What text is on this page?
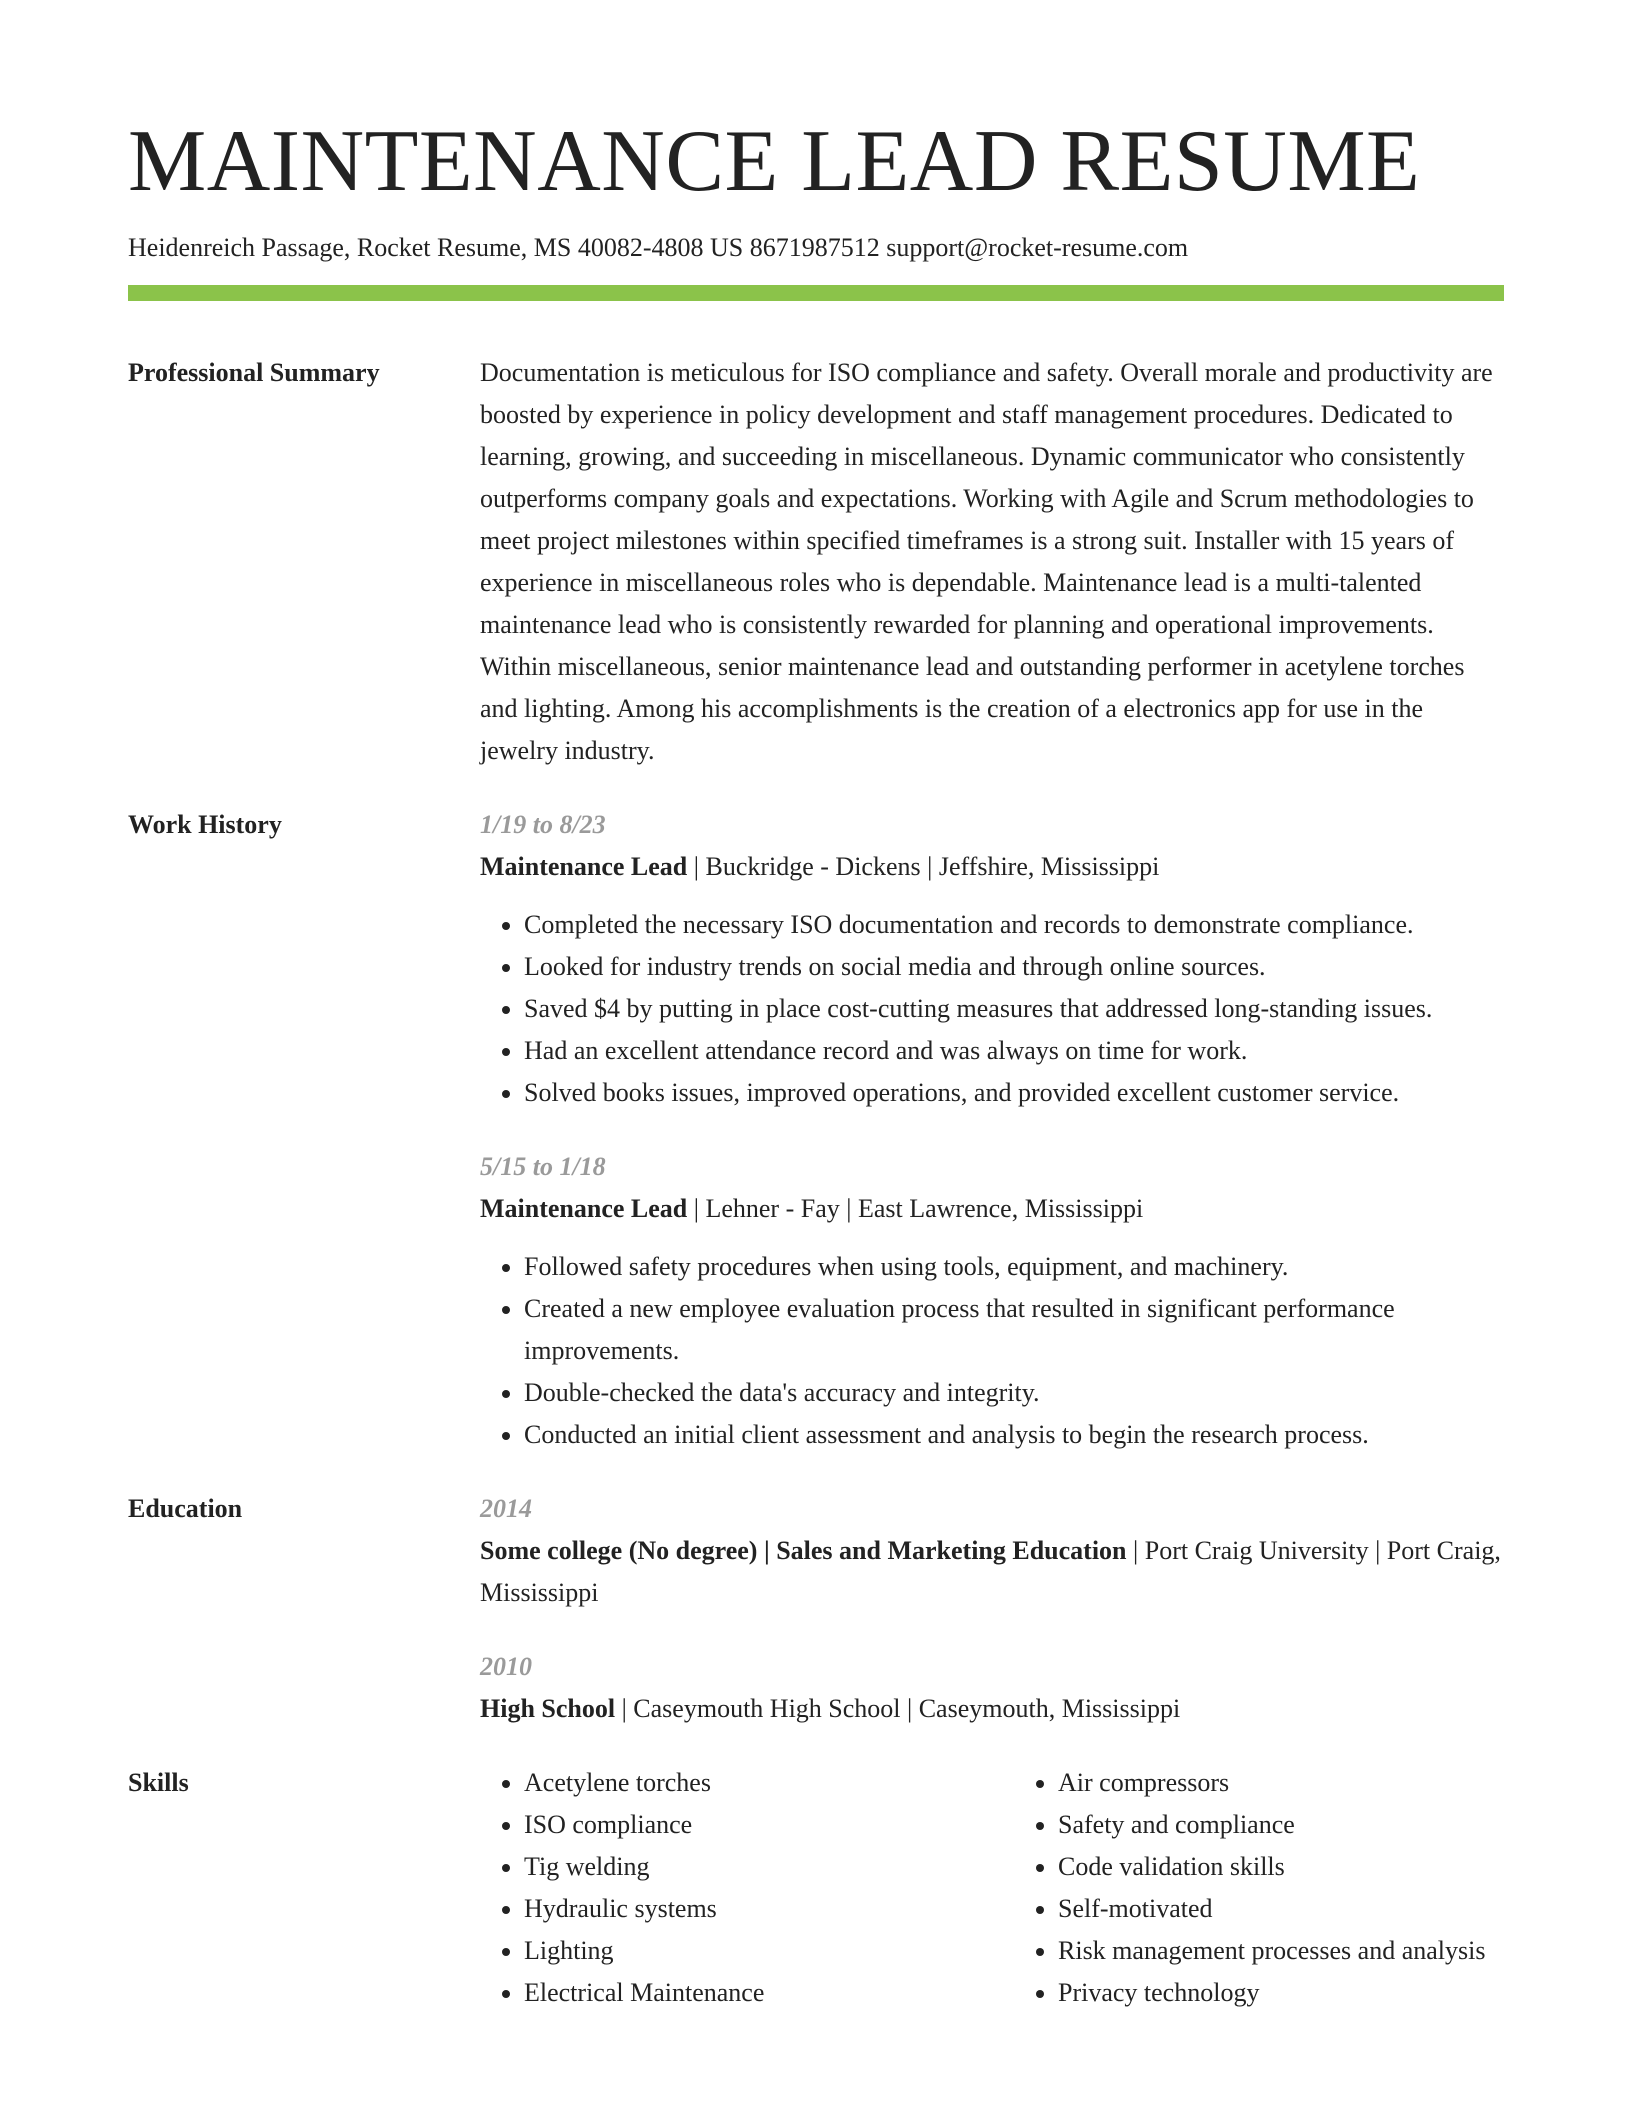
MAINTENANCE LEAD RESUME

Heidenreich Passage, Rocket Resume, MS 40082-4808 US 8671987512 support@rocket-resume.com

Professional Summary	Documentation is meticulous for ISO compliance and safety. Overall morale and productivity are boosted by experience in policy development and staff management procedures. Dedicated to learning, growing, and succeeding in miscellaneous. Dynamic communicator who consistently outperforms company goals and expectations. Working with Agile and Scrum methodologies to meet project milestones within specified timeframes is a strong suit. Installer with 15 years of experience in miscellaneous roles who is dependable. Maintenance lead is a multi-talented maintenance lead who is consistently rewarded for planning and operational improvements. Within miscellaneous, senior maintenance lead and outstanding performer in acetylene torches and lighting. Among his accomplishments is the creation of a electronics app for use in the jewelry industry.

Work History	1/19 to 8/23
Maintenance Lead | Buckridge - Dickens | Jeffshire, Mississippi
• Completed the necessary ISO documentation and records to demonstrate compliance.
• Looked for industry trends on social media and through online sources.
• Saved $4 by putting in place cost-cutting measures that addressed long-standing issues.
• Had an excellent attendance record and was always on time for work.
• Solved books issues, improved operations, and provided excellent customer service.
5/15 to 1/18
Maintenance Lead | Lehner - Fay | East Lawrence, Mississippi
• Followed safety procedures when using tools, equipment, and machinery.
• Created a new employee evaluation process that resulted in significant performance improvements.
• Double-checked the data's accuracy and integrity.
• Conducted an initial client assessment and analysis to begin the research process.
Education	2014
Some college (No degree) | Sales and Marketing Education | Port Craig University | Port Craig, Mississippi
2010
High School | Caseymouth High School | Caseymouth, Mississippi
Skills
•	Acetylene torches
• ISO compliance
• Tig welding
• Hydraulic systems
• Lighting
• Electrical Maintenance
• Air compressors
• Safety and compliance
• Code validation skills
• Self-motivated
• Risk management processes and analysis
• Privacy technology
